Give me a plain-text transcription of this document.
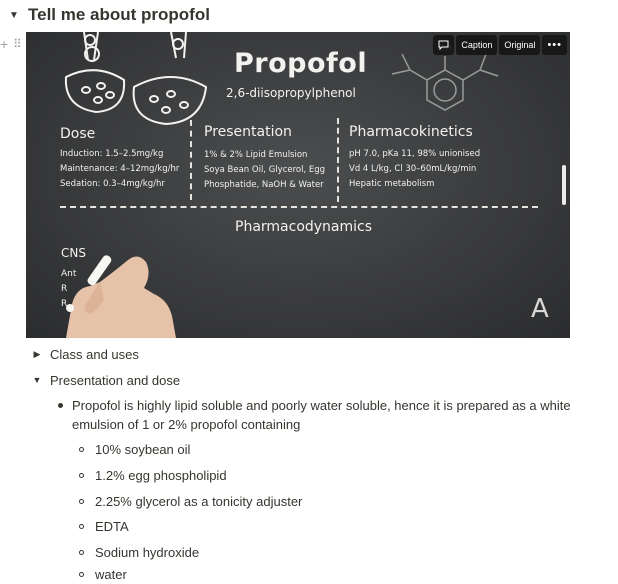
▼ Tell me about propofol
+ ⠿
Propofol
2,6-diisopropylphenol
Dose
Induction: 1.5–2.5mg/kg
Maintenance: 4–12mg/kg/hr
Sedation: 0.3–4mg/kg/hr
Presentation
1% & 2% Lipid Emulsion
Soya Bean Oil, Glycerol, Egg
Phosphatide, NaOH & Water
Pharmacokinetics
pH 7.0, pKa 11, 98% unionised
Vd 4 L/kg, Cl 30–60mL/kg/min
Hepatic metabolism
Pharmacodynamics
CNS
Ant
R
R	A
Caption	Original	•••
▶ Class and uses
▼ Presentation and dose
Propofol is highly lipid soluble and poorly water soluble, hence it is prepared as a white emulsion of 1 or 2% propofol containing
10% soybean oil
1.2% egg phospholipid
2.25% glycerol as a tonicity adjuster
EDTA
Sodium hydroxide
water
